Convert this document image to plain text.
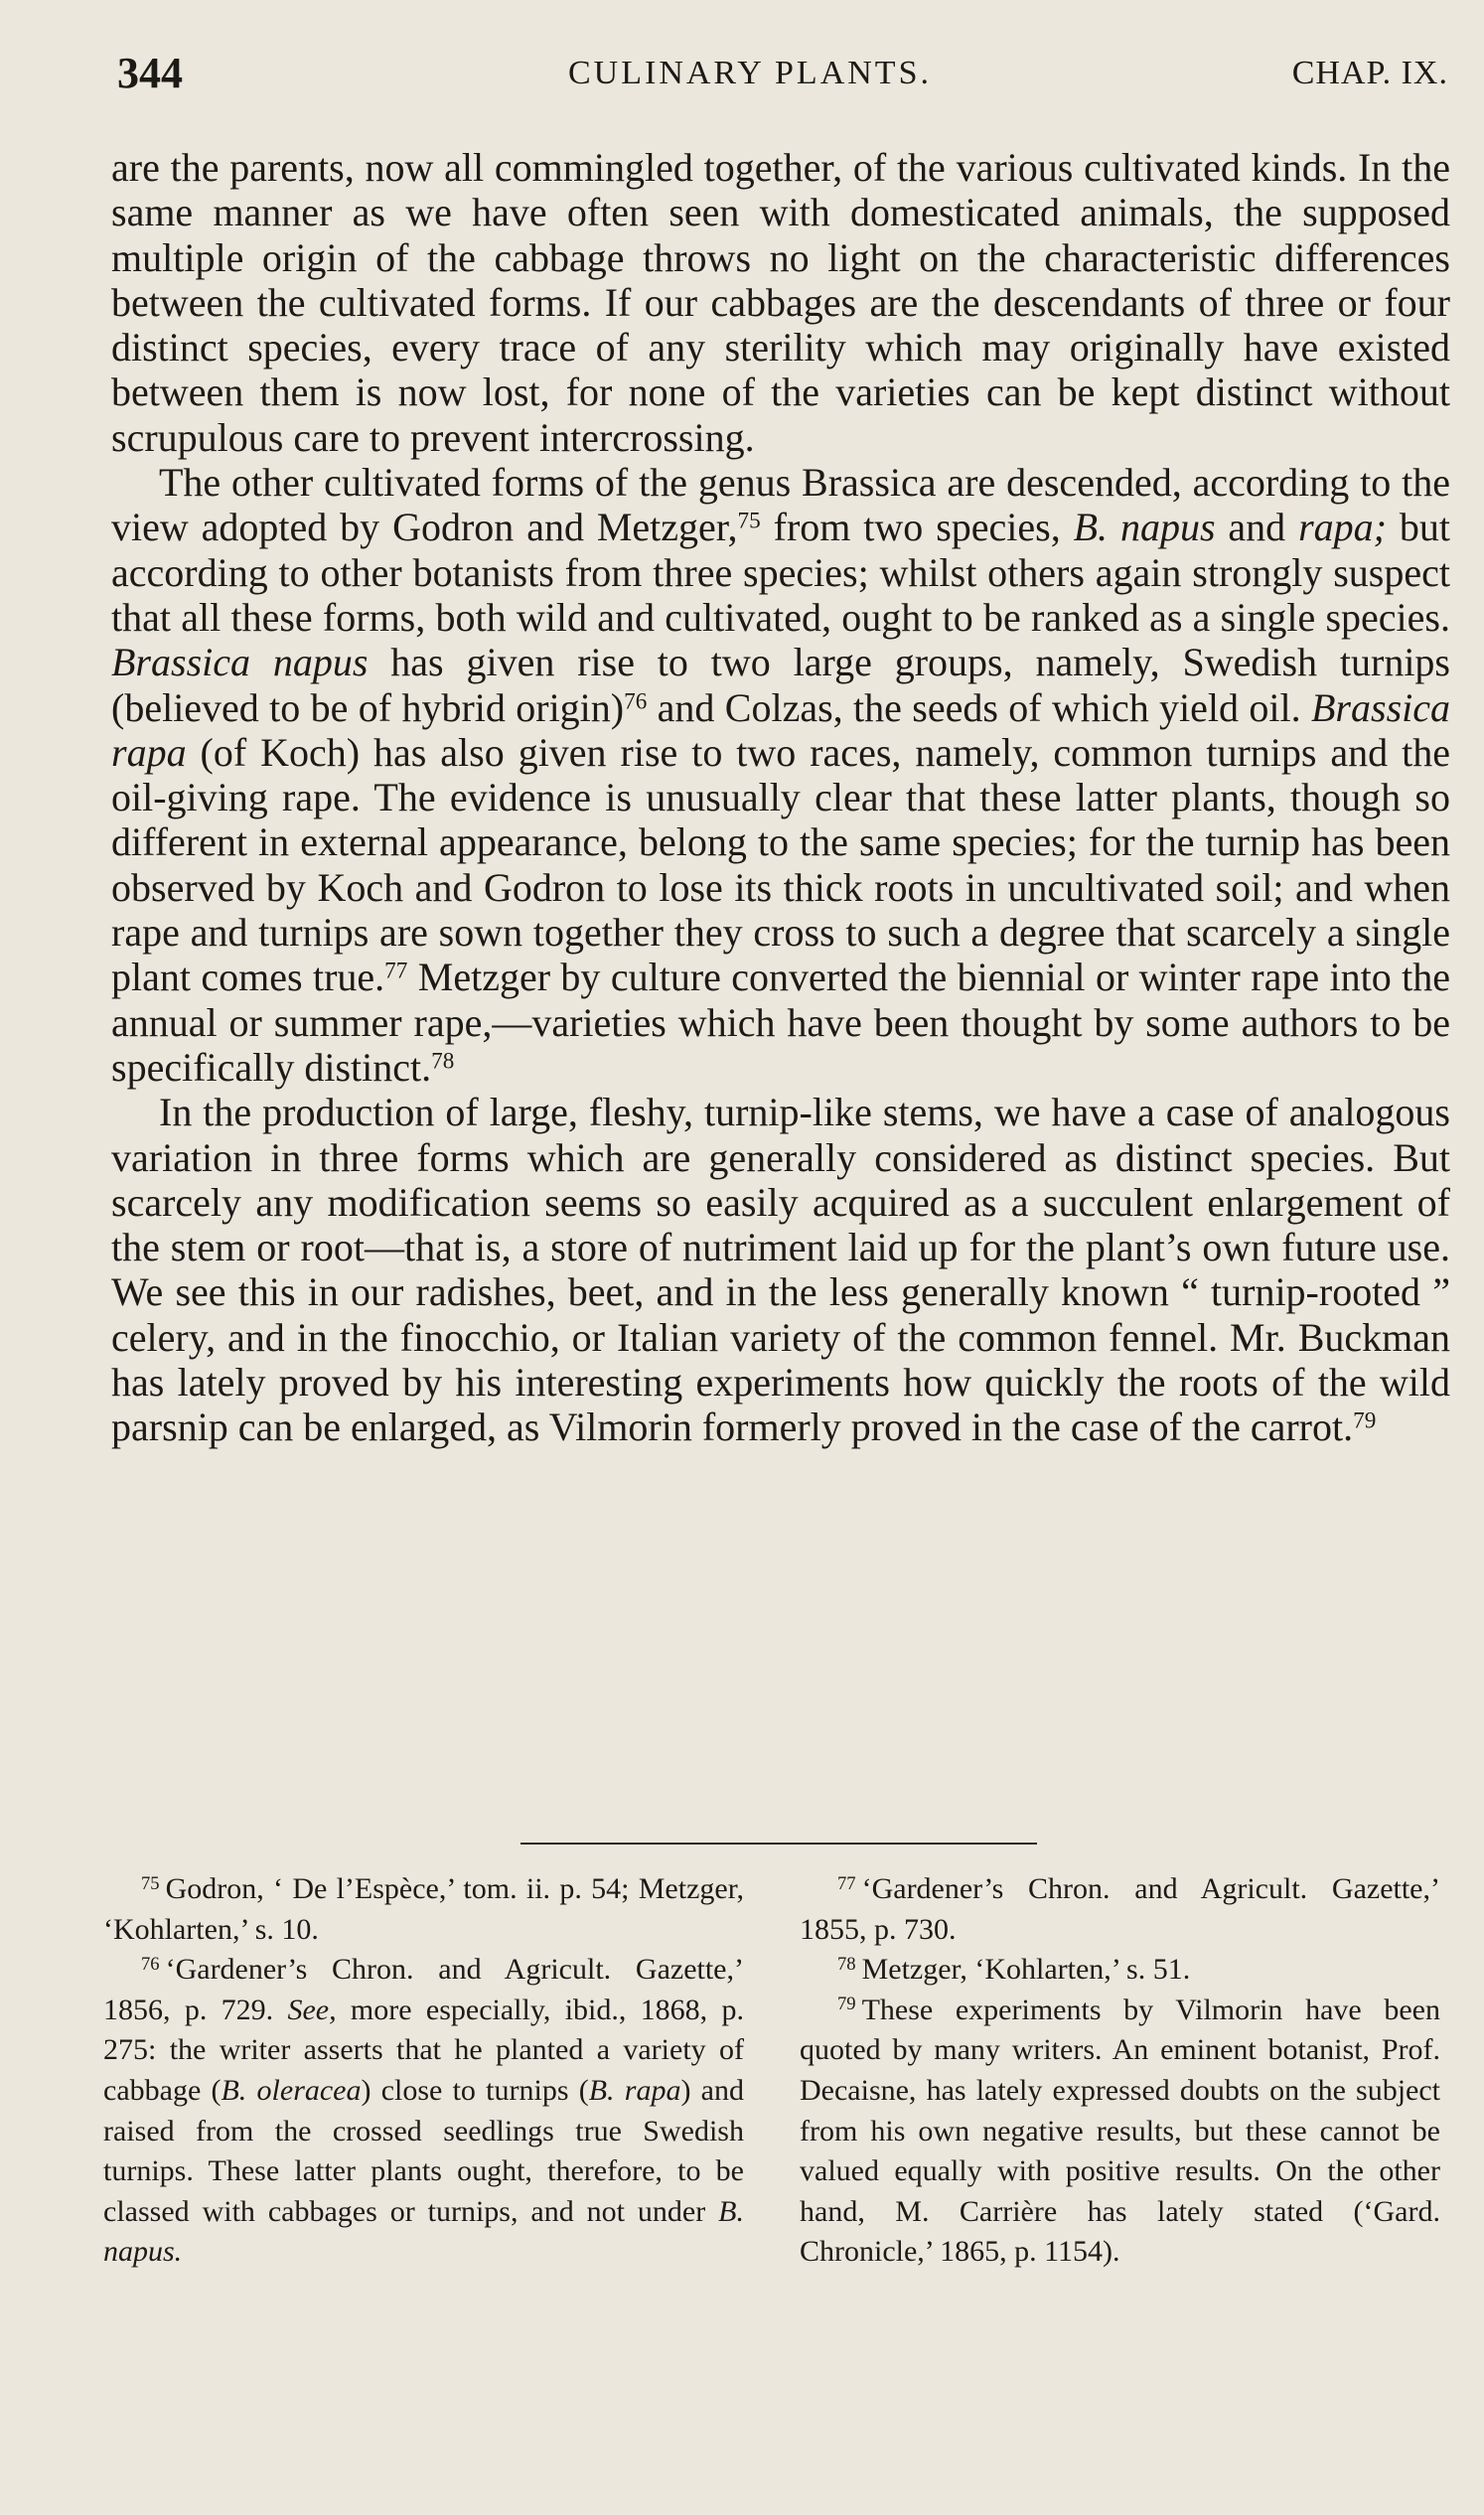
344	CULINARY PLANTS.	CHAP. IX.

are the parents, now all commingled together, of the various cultivated kinds. In the same manner as we have often seen with domesticated animals, the supposed multiple origin of the cabbage throws no light on the characteristic differences between the cultivated forms. If our cabbages are the descendants of three or four distinct species, every trace of any sterility which may originally have existed between them is now lost, for none of the varieties can be kept distinct without scrupulous care to prevent intercrossing.

The other cultivated forms of the genus Brassica are descended, according to the view adopted by Godron and Metzger,$^{75}$ from two species, B. napus and rapa; but according to other botanists from three species; whilst others again strongly suspect that all these forms, both wild and cultivated, ought to be ranked as a single species. Brassica napus has given rise to two large groups, namely, Swedish turnips (believed to be of hybrid origin)$^{76}$ and Colzas, the seeds of which yield oil. Brassica rapa (of Koch) has also given rise to two races, namely, common turnips and the oil-giving rape. The evidence is unusually clear that these latter plants, though so different in external appearance, belong to the same species; for the turnip has been observed by Koch and Godron to lose its thick roots in uncultivated soil; and when rape and turnips are sown together they cross to such a degree that scarcely a single plant comes true.$^{77}$ Metzger by culture converted the biennial or winter rape into the annual or summer rape,—varieties which have been thought by some authors to be specifically distinct.$^{78}$

In the production of large, fleshy, turnip-like stems, we have a case of analogous variation in three forms which are generally considered as distinct species. But scarcely any modification seems so easily acquired as a succulent enlargement of the stem or root—that is, a store of nutriment laid up for the plant’s own future use. We see this in our radishes, beet, and in the less generally known “ turnip-rooted ” celery, and in the finocchio, or Italian variety of the common fennel. Mr. Buckman has lately proved by his interesting experiments how quickly the roots of the wild parsnip can be enlarged, as Vilmorin formerly proved in the case of the carrot.$^{79}$

$^{75}$ Godron, ‘ De l’Espèce,’ tom. ii. p. 54; Metzger, ‘Kohlarten,’ s. 10.

$^{76}$ ‘Gardener’s Chron. and Agricult. Gazette,’ 1856, p. 729. See, more especially, ibid., 1868, p. 275: the writer asserts that he planted a variety of cabbage (B. oleracea) close to turnips (B. rapa) and raised from the crossed seedlings true Swedish turnips. These latter plants ought, therefore, to be classed with cabbages or turnips, and not under B. napus.

$^{77}$ ‘Gardener’s Chron. and Agricult. Gazette,’ 1855, p. 730.

$^{78}$ Metzger, ‘Kohlarten,’ s. 51.

$^{79}$ These experiments by Vilmorin have been quoted by many writers. An eminent botanist, Prof. Decaisne, has lately expressed doubts on the subject from his own negative results, but these cannot be valued equally with positive results. On the other hand, M. Carrière has lately stated (‘Gard. Chronicle,’ 1865, p. 1154).
